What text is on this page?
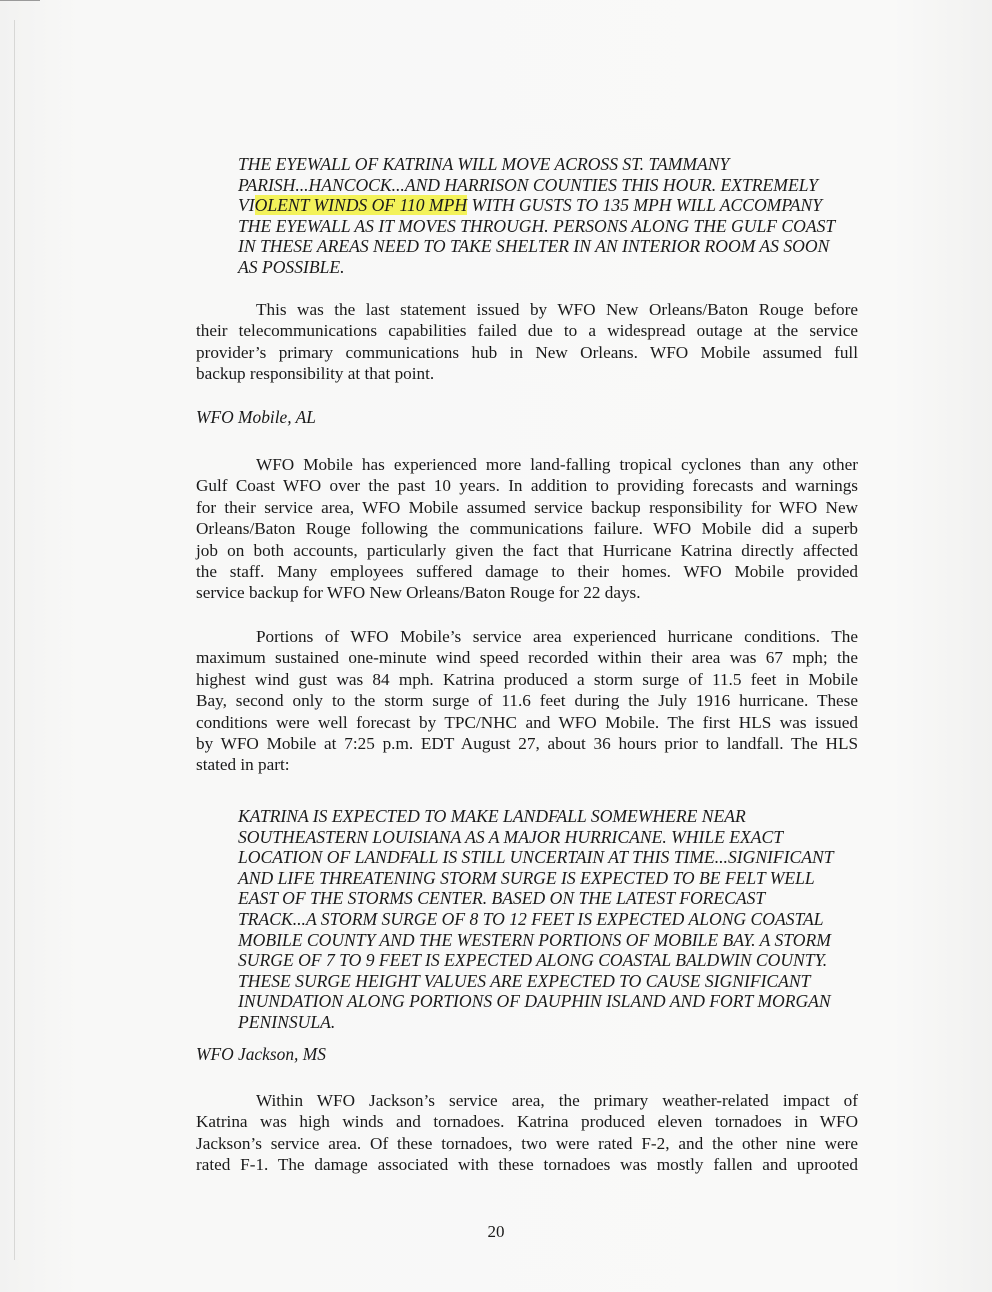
THE EYEWALL OF KATRINA WILL MOVE ACROSS ST. TAMMANY
PARISH...HANCOCK...AND HARRISON COUNTIES THIS HOUR. EXTREMELY
VIOLENT WINDS OF 110 MPH WITH GUSTS TO 135 MPH WILL ACCOMPANY
THE EYEWALL AS IT MOVES THROUGH. PERSONS ALONG THE GULF COAST
IN THESE AREAS NEED TO TAKE SHELTER IN AN INTERIOR ROOM AS SOON
AS POSSIBLE.
This was the last statement issued by WFO New Orleans/Baton Rouge before
their telecommunications capabilities failed due to a widespread outage at the service
provider’s primary communications hub in New Orleans. WFO Mobile assumed full
backup responsibility at that point.
WFO Mobile, AL
WFO Mobile has experienced more land-falling tropical cyclones than any other
Gulf Coast WFO over the past 10 years. In addition to providing forecasts and warnings
for their service area, WFO Mobile assumed service backup responsibility for WFO New
Orleans/Baton Rouge following the communications failure. WFO Mobile did a superb
job on both accounts, particularly given the fact that Hurricane Katrina directly affected
the staff. Many employees suffered damage to their homes. WFO Mobile provided
service backup for WFO New Orleans/Baton Rouge for 22 days.
Portions of WFO Mobile’s service area experienced hurricane conditions. The
maximum sustained one-minute wind speed recorded within their area was 67 mph; the
highest wind gust was 84 mph. Katrina produced a storm surge of 11.5 feet in Mobile
Bay, second only to the storm surge of 11.6 feet during the July 1916 hurricane. These
conditions were well forecast by TPC/NHC and WFO Mobile. The first HLS was issued
by WFO Mobile at 7:25 p.m. EDT August 27, about 36 hours prior to landfall. The HLS
stated in part:
KATRINA IS EXPECTED TO MAKE LANDFALL SOMEWHERE NEAR
SOUTHEASTERN LOUISIANA AS A MAJOR HURRICANE. WHILE EXACT
LOCATION OF LANDFALL IS STILL UNCERTAIN AT THIS TIME...SIGNIFICANT
AND LIFE THREATENING STORM SURGE IS EXPECTED TO BE FELT WELL
EAST OF THE STORMS CENTER. BASED ON THE LATEST FORECAST
TRACK...A STORM SURGE OF 8 TO 12 FEET IS EXPECTED ALONG COASTAL
MOBILE COUNTY AND THE WESTERN PORTIONS OF MOBILE BAY. A STORM
SURGE OF 7 TO 9 FEET IS EXPECTED ALONG COASTAL BALDWIN COUNTY.
THESE SURGE HEIGHT VALUES ARE EXPECTED TO CAUSE SIGNIFICANT
INUNDATION ALONG PORTIONS OF DAUPHIN ISLAND AND FORT MORGAN
PENINSULA.
WFO Jackson, MS
Within WFO Jackson’s service area, the primary weather-related impact of
Katrina was high winds and tornadoes. Katrina produced eleven tornadoes in WFO
Jackson’s service area. Of these tornadoes, two were rated F-2, and the other nine were
rated F-1. The damage associated with these tornadoes was mostly fallen and uprooted
20
